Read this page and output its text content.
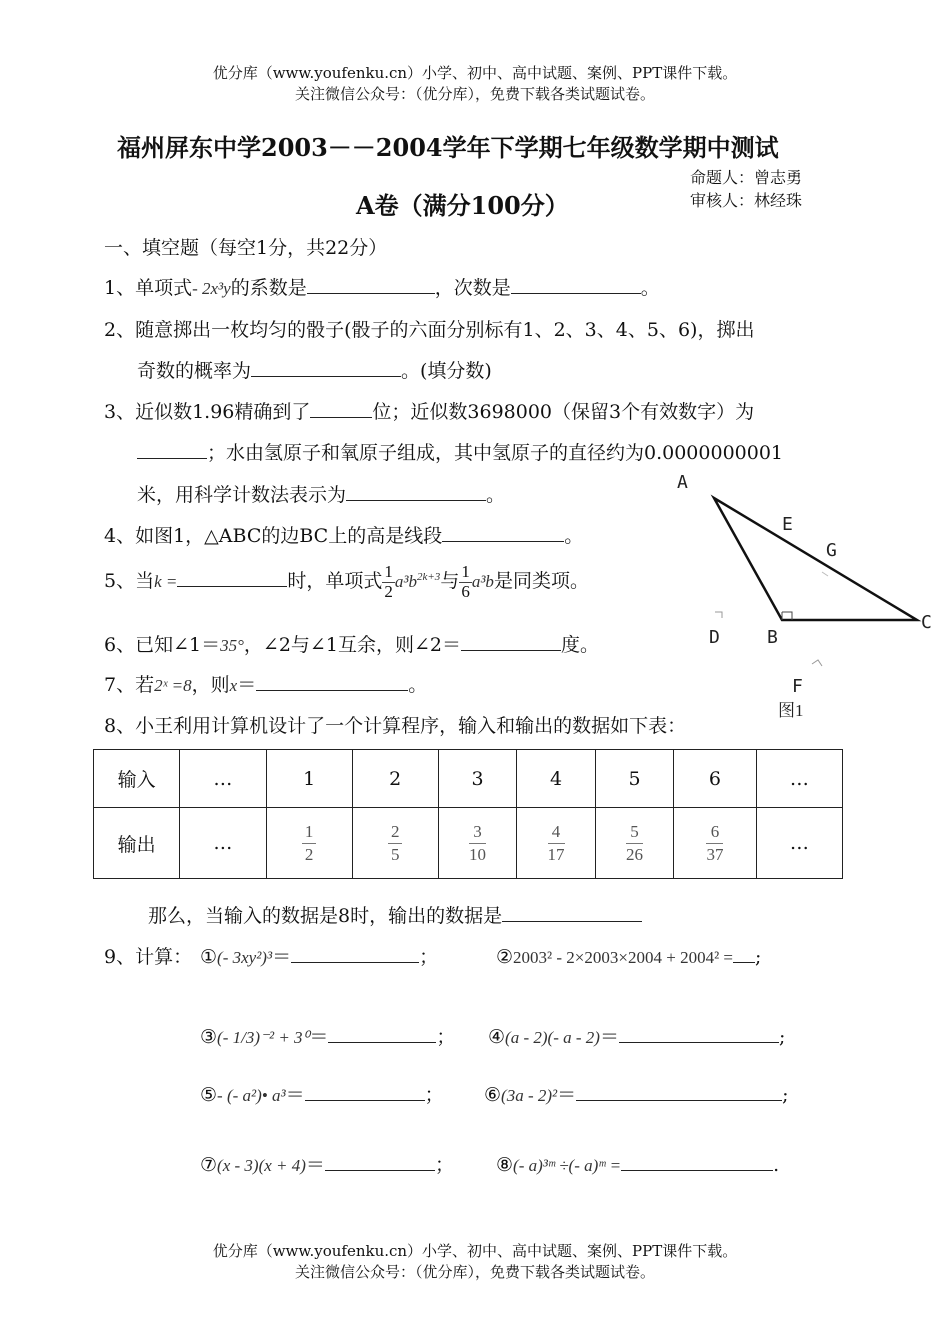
优分库（www.youfenku.cn）小学、初中、高中试题、案例、PPT课件下载。
关注微信公众号：（优分库），免费下载各类试题试卷。
福州屏东中学2003－－2004学年下学期七年级数学期中测试
A卷（满分100分）
命题人：曾志勇
审核人：林经珠
一、填空题（每空1分，共22分）
1、单项式- 2x³y的系数是	，次数是	。
2、随意掷出一枚均匀的骰子(骰子的六面分别标有1、2、3、4、5、6)，掷出
奇数的概率为	。(填分数)
3、近似数1.96精确到了	位；近似数3698000（保留3个有效数字）为
；水由氢原子和氧原子组成，其中氢原子的直径约为0.0000000001
米，用科学计数法表示为	。
4、如图1，△ABC的边BC上的高是线段	。
5、当k =	时，单项式 $\frac{1}{2} a^3b^{2k+3}$与 $\frac{1}{6} a^3b$是同类项。
6、已知∠1＝35°，∠2与∠1互余，则∠2＝	度。
7、若2ˣ =8，则x＝	。
8、小王利用计算机设计了一个计算程序，输入和输出的数据如下表：
输入	…	1	2	3	4	5	6	…
输出	…	$\frac{1}{2}$	$\frac{2}{5}$	$\frac{3}{10}$	$\frac{4}{17}$	$\frac{5}{26}$	$\frac{6}{37}$	…
那么，当输入的数据是8时，输出的数据是
9、计算： ①(- 3xy²)³＝	；	②2003² - 2×2003×2004 + 2004² = ;
③(- 1/3)⁻² + 3⁰＝	； ④(a - 2)(- a - 2)＝	;
⑤- (- a²)• a³＝	； ⑥(3a - 2)²＝	;
⑦(x - 3)(x + 4)＝	； ⑧(- a)³ᵐ ÷(- a)ᵐ =	.
A
E
G
C
D	B
F
图1
优分库（www.youfenku.cn）小学、初中、高中试题、案例、PPT课件下载。
关注微信公众号：（优分库），免费下载各类试题试卷。
